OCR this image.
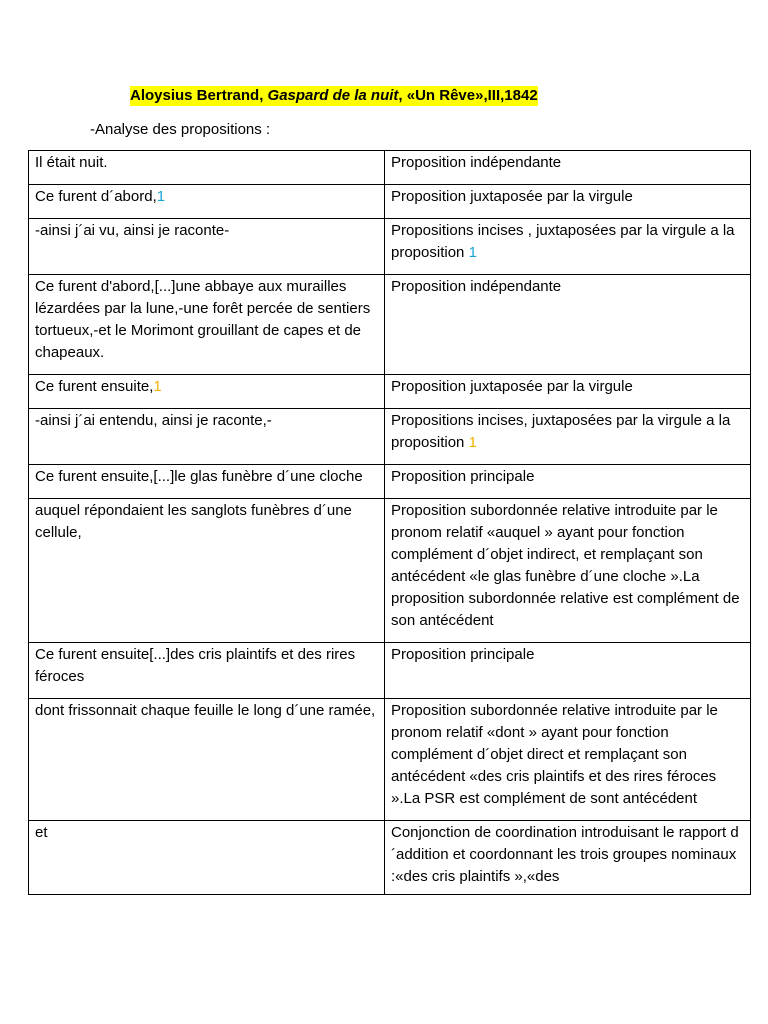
Aloysius Bertrand, Gaspard de la nuit, «Un Rêve»,III,1842
-Analyse des propositions :
Il était nuit.	Proposition indépendante
Ce furent d´abord,1	Proposition juxtaposée par la virgule
-ainsi j´ai vu, ainsi je raconte-	Propositions incises , juxtaposées par la virgule a la proposition 1
Ce furent d'abord,[...]une abbaye aux murailles lézardées par la lune,-une forêt percée de sentiers tortueux,-et le Morimont grouillant de capes et de chapeaux.	Proposition indépendante
Ce furent ensuite,1	Proposition juxtaposée par la virgule
-ainsi j´ai entendu, ainsi je raconte,-	Propositions incises, juxtaposées par la virgule a la proposition 1
Ce furent ensuite,[...]le glas funèbre d´une cloche	Proposition principale
auquel répondaient les sanglots funèbres d´une cellule,	Proposition subordonnée relative introduite par le pronom relatif «auquel » ayant pour fonction complément d´objet indirect, et remplaçant son antécédent «le glas funèbre d´une cloche ».La proposition subordonnée relative est complément de son antécédent
Ce furent ensuite[...]des cris plaintifs et des rires féroces	Proposition principale
dont frissonnait chaque feuille le long d´une ramée,	Proposition subordonnée relative introduite par le pronom relatif «dont » ayant pour fonction complément d´objet direct et remplaçant son antécédent «des cris plaintifs et des rires féroces ».La PSR est complément de sont antécédent
et	Conjonction de coordination introduisant le rapport d´addition et coordonnant les trois groupes nominaux :«des cris plaintifs »,«des
